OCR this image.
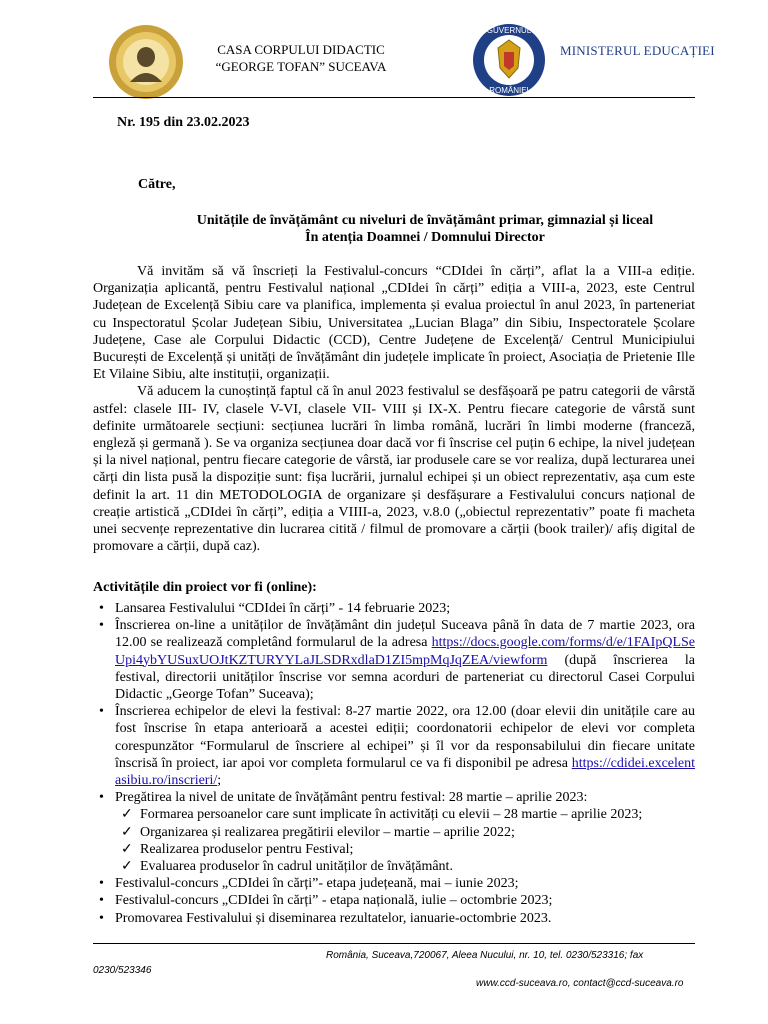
CASA CORPULUI DIDACTIC
“GEORGE TOFAN” SUCEAVA
GUVERNUL
ROMÂNIEI
MINISTERUL EDUCAȚIEI
Nr. 195 din 23.02.2023
Către,
Unitățile de învățământ cu niveluri de învățământ primar, gimnazial și liceal
În atenția Doamnei / Domnului Director

Vă invităm să vă înscrieți la Festivalul-concurs “CDIdei în cărți”, aflat la a VIII-a ediție. Organizația aplicantă, pentru Festivalul național „CDIdei în cărți” ediția a VIII-a, 2023, este Centrul Județean de Excelență Sibiu care va planifica, implementa și evalua proiectul în anul 2023, în parteneriat cu Inspectoratul Școlar Județean Sibiu, Universitatea „Lucian Blaga” din Sibiu, Inspectoratele Școlare Județene, Case ale Corpului Didactic (CCD), Centre Județene de Excelență/ Centrul Municipiului București de Excelență și unități de învățământ din județele implicate în proiect, Asociația de Prietenie Ille Et Vilaine Sibiu, alte instituții, organizații.

Vă aducem la cunoștință faptul că în anul 2023 festivalul se desfășoară pe patru categorii de vârstă astfel: clasele III- IV, clasele V-VI, clasele VII- VIII și IX-X. Pentru fiecare categorie de vârstă sunt definite următoarele secțiuni: secțiunea lucrări în limba română, lucrări în limbi moderne (franceză, engleză și germană ). Se va organiza secțiunea doar dacă vor fi înscrise cel puțin 6 echipe, la nivel județean și la nivel național, pentru fiecare categorie de vârstă, iar produsele care se vor realiza, după lecturarea unei cărți din lista pusă la dispoziție sunt: fișa lucrării, jurnalul echipei și un obiect reprezentativ, așa cum este definit la art. 11 din METODOLOGIA de organizare și desfășurare a Festivalului concurs național de creație artistică „CDIdei în cărți”, ediția a VIIII-a, 2023, v.8.0 („obiectul reprezentativ” poate fi macheta unei secvențe reprezentative din lucrarea citită / filmul de promovare a cărții (book trailer)/ afiș digital de promovare a cărții, după caz).

Activitățile din proiect vor fi (online):
• Lansarea Festivalului “CDIdei în cărți” - 14 februarie 2023;
• Înscrierea on-line a unităților de învățământ din județul Suceava până în data de 7 martie 2023, ora 12.00 se realizează completând formularul de la adresa https://docs.google.com/forms/d/e/1FAIpQLSeUpi4ybYUSuxUOJtKZTURYYLaJLSDRxdlaD1ZI5mpMqJqZEA/viewform (după înscrierea la festival, directorii unităților înscrise vor semna acorduri de parteneriat cu directorul Casei Corpului Didactic „George Tofan” Suceava);
• Înscrierea echipelor de elevi la festival: 8-27 martie 2022, ora 12.00 (doar elevii din unitățile care au fost înscrise în etapa anterioară a acestei ediții; coordonatorii echipelor de elevi vor completa corespunzător “Formularul de înscriere al echipei” și îl vor da responsabilului din fiecare unitate înscrisă în proiect, iar apoi vor completa formularul ce va fi disponibil pe adresa https://cdidei.excelentasibiu.ro/inscrieri/;
• Pregătirea la nivel de unitate de învățământ pentru festival: 28 martie – aprilie 2023:
✓ Formarea persoanelor care sunt implicate în activități cu elevii – 28 martie – aprilie 2023;
✓ Organizarea și realizarea pregătirii elevilor – martie – aprilie 2022;
✓ Realizarea produselor pentru Festival;
✓ Evaluarea produselor în cadrul unităților de învățământ.
• Festivalul-concurs „CDIdei în cărți”- etapa județeană, mai – iunie 2023;
• Festivalul-concurs „CDIdei în cărți” - etapa națională, iulie – octombrie 2023;
• Promovarea Festivalului și diseminarea rezultatelor, ianuarie-octombrie 2023.
România, Suceava,720067, Aleea Nucului, nr. 10, tel. 0230/523316; fax
0230/523346
www.ccd-suceava.ro, contact@ccd-suceava.ro
